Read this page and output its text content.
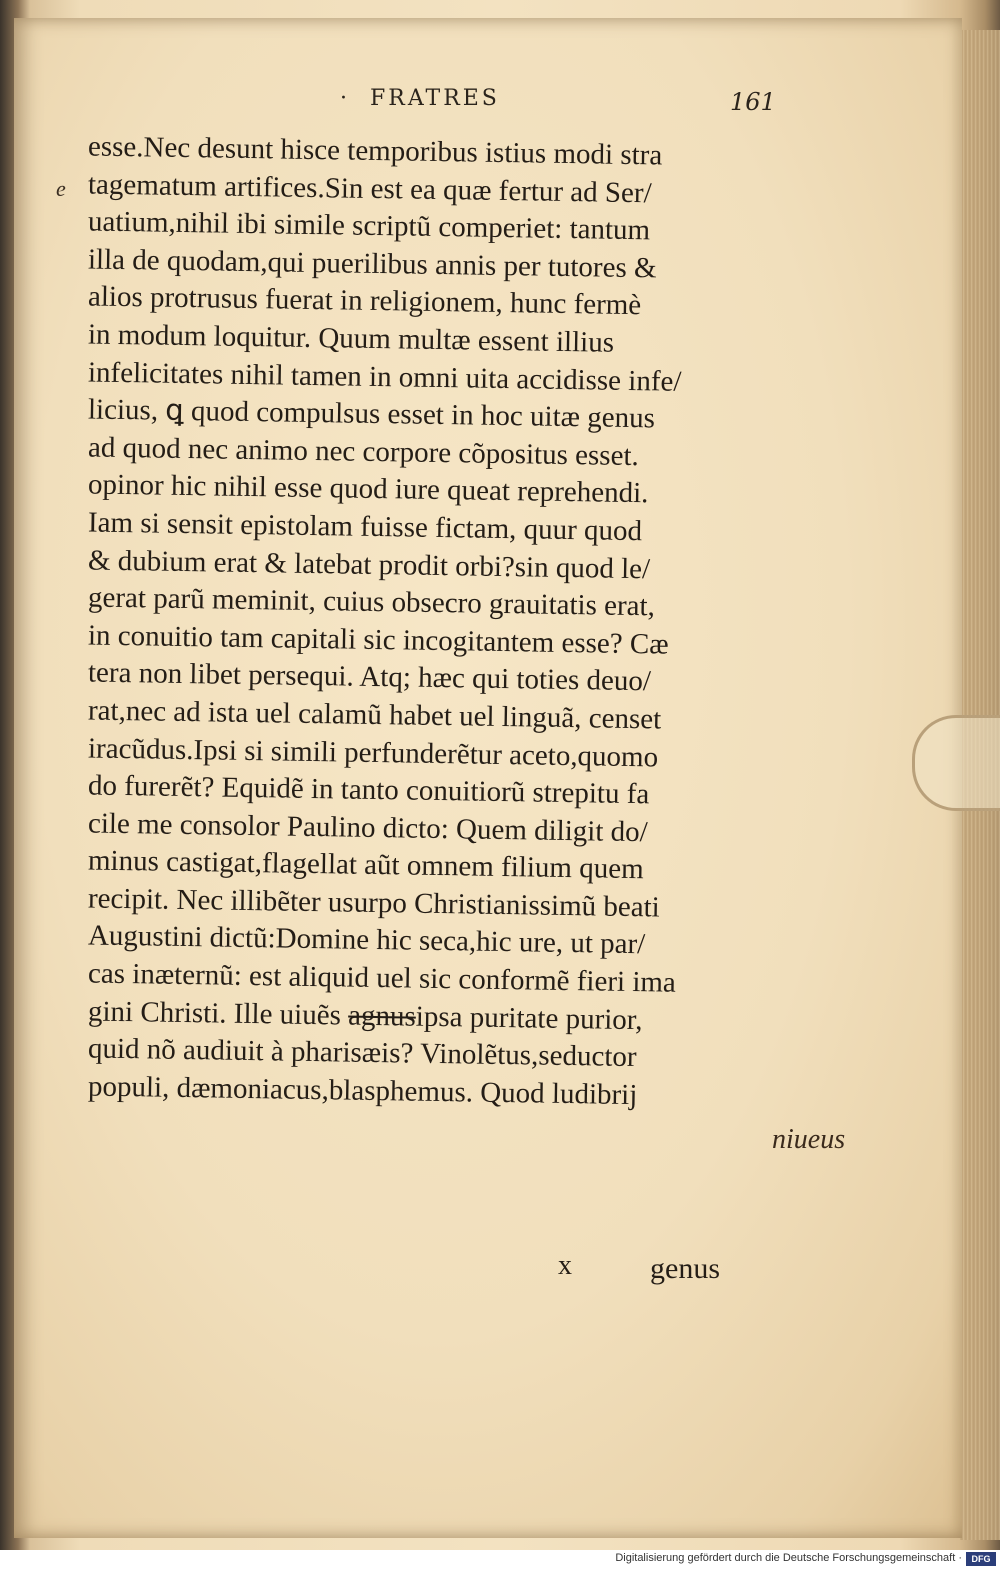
· FRATRES	161
e
esse.Nec desunt hisce temporibus istius modi stra
tagematum artifices.Sin est ea quæ fertur ad Ser/
uatium,nihil ibi simile scriptũ comperiet: tantum
illa de quodam,qui puerilibus annis per tutores &
alios protrusus fuerat in religionem, hunc fermè
in modum loquitur. Quum multæ essent illius
infelicitates nihil tamen in omni uita accidisse infe/
licius, ꝗ quod compulsus esset in hoc uitæ genus
ad quod nec animo nec corpore cõpositus esset.
opinor hic nihil esse quod iure queat reprehendi.
Iam si sensit epistolam fuisse fictam, quur quod
& dubium erat & latebat prodit orbi?sin quod le/
gerat parũ meminit, cuius obsecro grauitatis erat,
in conuitio tam capitali sic incogitantem esse? Cæ
tera non libet persequi. Atq; hæc qui toties deuo/
rat,nec ad ista uel calamũ habet uel linguã, censet
iracũdus.Ipsi si simili perfunderẽtur aceto,quomo
do furerẽt? Equidẽ in tanto conuitiorũ strepitu fa
cile me consolor Paulino dicto: Quem diligit do/
minus castigat,flagellat aũt omnem filium quem
recipit. Nec illibẽter usurpo Christianissimũ beati
Augustini dictũ:Domine hic seca,hic ure, ut par/
cas inæternũ: est aliquid uel sic conformẽ fieri ima
gini Christi. Ille uiuẽs agnusipsa puritate purior,
quid nõ audiuit à pharisæis? Vinolẽtus,seductor
populi, dæmoniacus,blasphemus. Quod ludibrij
niueus
x	genus
Digitalisierung gefördert durch die Deutsche Forschungsgemeinschaft ·	DFG
